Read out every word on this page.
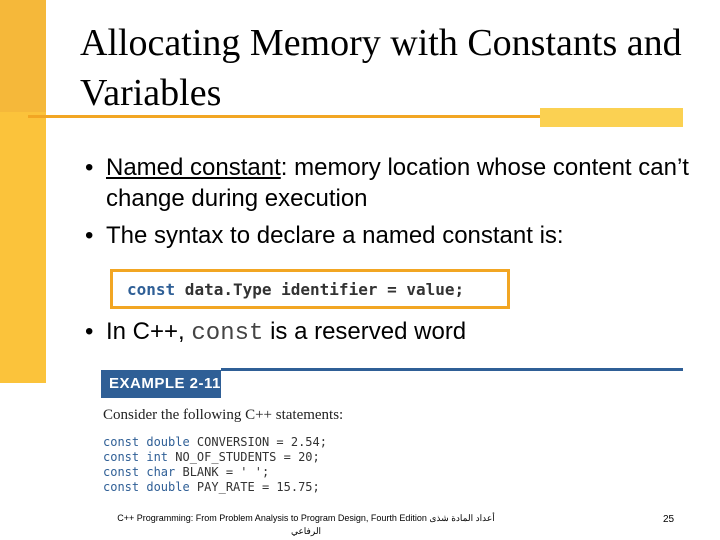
Allocating Memory with Constants and Variables
• Named constant: memory location whose content can’t change during execution
• The syntax to declare a named constant is:
const data.Type identifier = value;
• In C++, const is a reserved word
EXAMPLE 2-11
Consider the following C++ statements:
const double CONVERSION = 2.54;
const int NO_OF_STUDENTS = 20;
const char BLANK = ' ';
const double PAY_RATE = 15.75;
C++ Programming: From Problem Analysis to Program Design, Fourth Edition أعداد المادة شذى
الرفاعي
25
